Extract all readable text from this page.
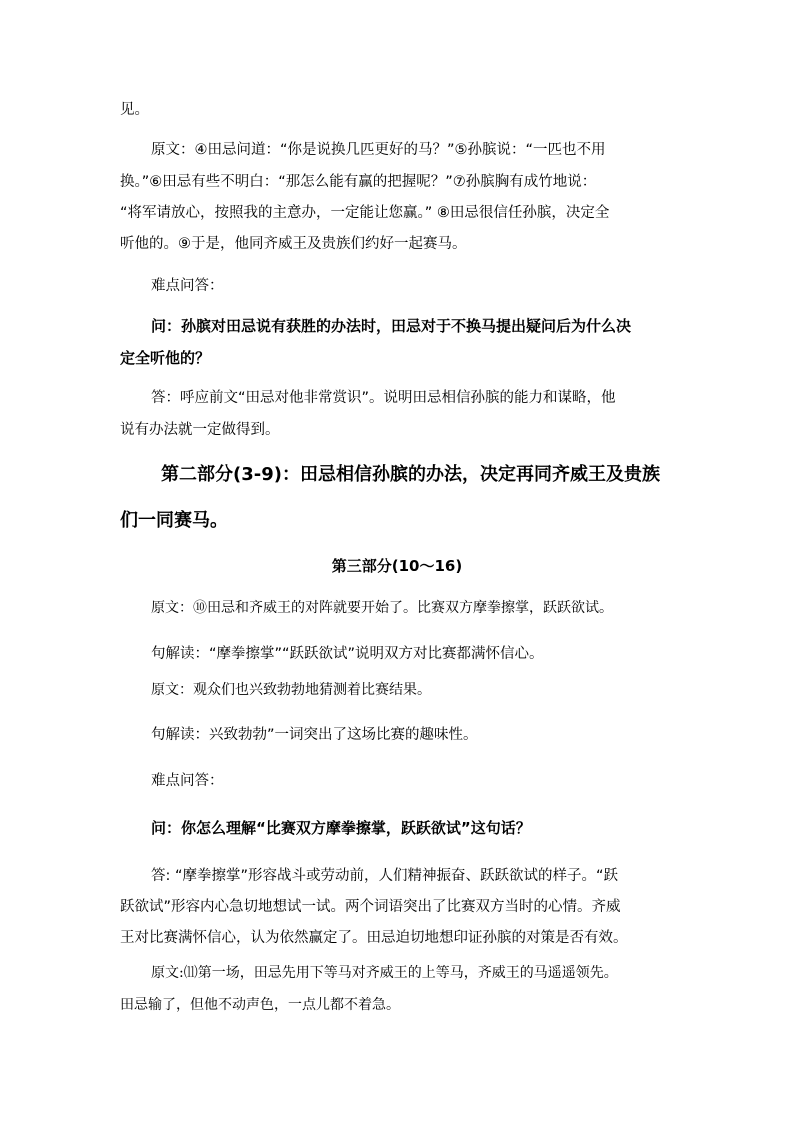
见。
原文：④田忌问道：“你是说换几匹更好的马？”⑤孙膑说：“一匹也不用
换。”⑥田忌有些不明白：“那怎么能有赢的把握呢？”⑦孙膑胸有成竹地说：
“将军请放心，按照我的主意办，一定能让您赢。” ⑧田忌很信任孙膑，决定全
听他的。⑨于是，他同齐威王及贵族们约好一起赛马。
难点问答：
问：孙膑对田忌说有获胜的办法时，田忌对于不换马提出疑问后为什么决
定全听他的？
答：呼应前文“田忌对他非常赏识”。说明田忌相信孙膑的能力和谋略，他
说有办法就一定做得到。
第二部分(3-9)：田忌相信孙膑的办法，决定再同齐威王及贵族
们一同赛马。
第三部分(10～16)
原文：⑩田忌和齐威王的对阵就要开始了。比赛双方摩拳擦掌，跃跃欲试。
句解读：“摩拳擦掌”“跃跃欲试”说明双方对比赛都满怀信心。
原文：观众们也兴致勃勃地猜测着比赛结果。
句解读：兴致勃勃”一词突出了这场比赛的趣味性。
难点问答：
问：你怎么理解“比赛双方摩拳擦掌，跃跃欲试”这句话？
答: “摩拳擦掌”形容战斗或劳动前，人们精神振奋、跃跃欲试的样子。“跃
跃欲试”形容内心急切地想试一试。两个词语突出了比赛双方当时的心情。齐威
王对比赛满怀信心，认为依然赢定了。田忌迫切地想印证孙膑的对策是否有效。
原文:⑾第一场，田忌先用下等马对齐威王的上等马，齐威王的马遥遥领先。
田忌输了，但他不动声色，一点儿都不着急。
